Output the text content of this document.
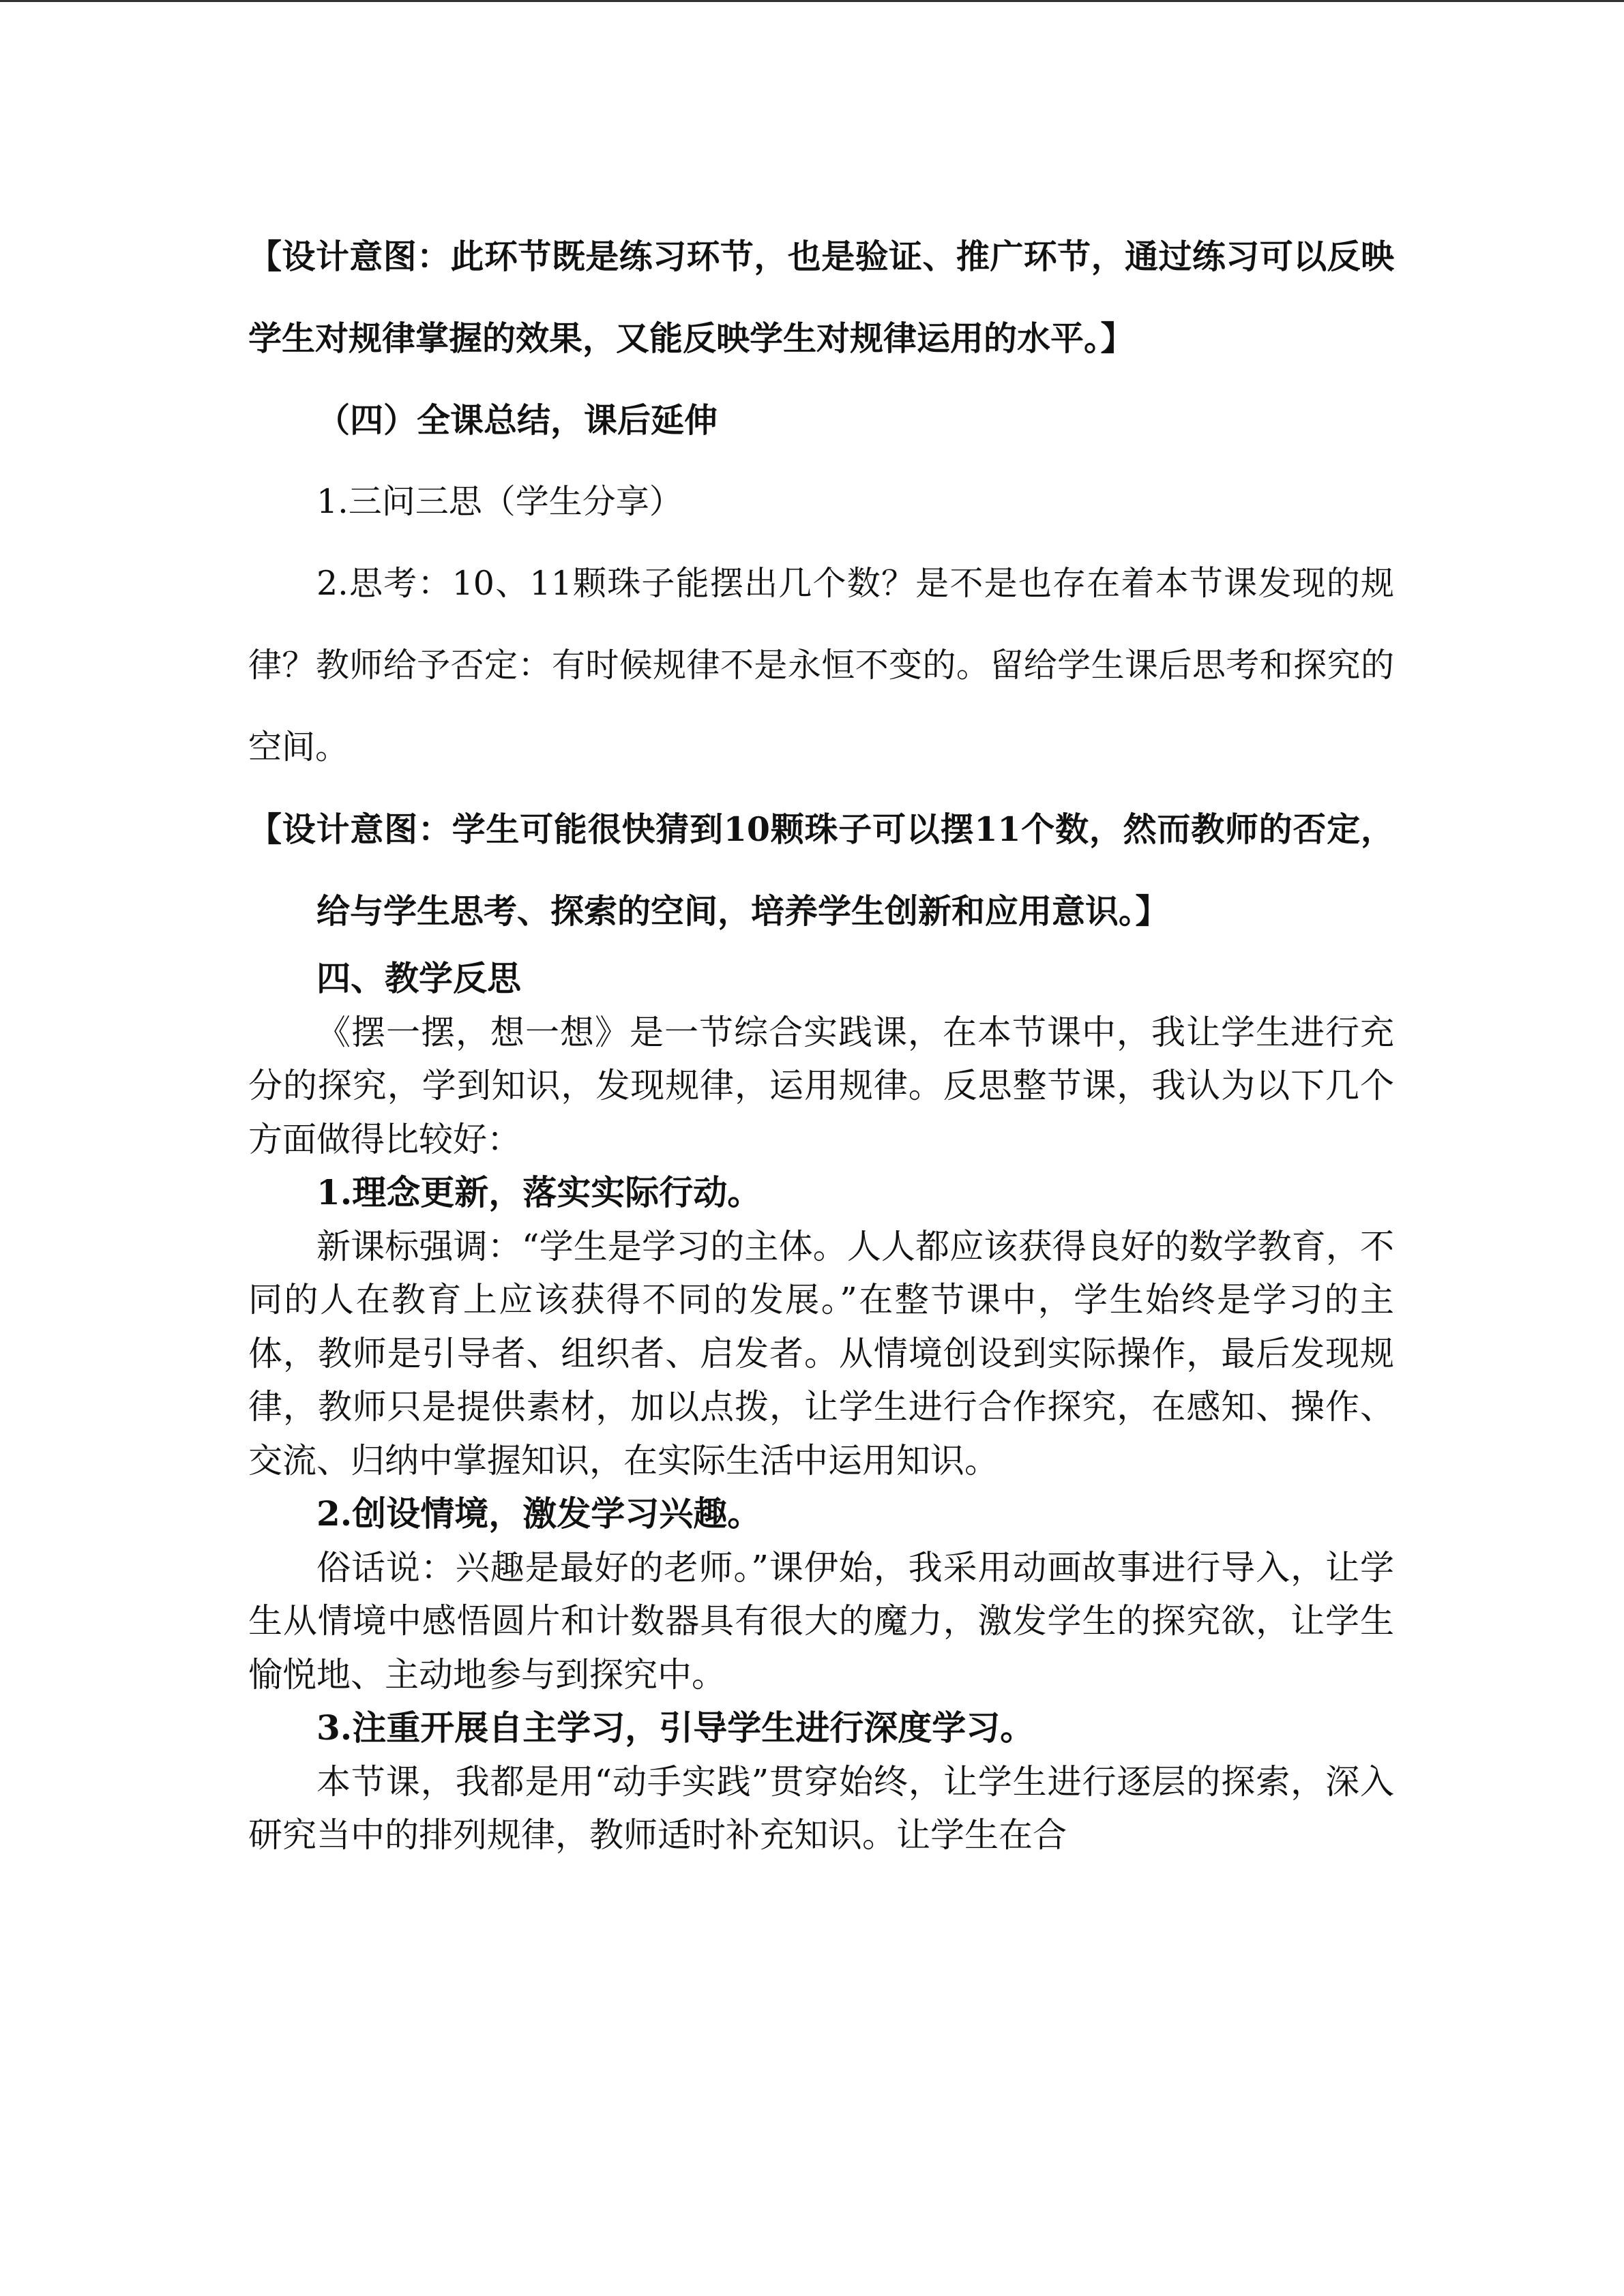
【设计意图：此环节既是练习环节，也是验证、推广环节，通过练习可以反映学生对规律掌握的效果，又能反映学生对规律运用的水平。】

（四）全课总结，课后延伸

1.三问三思（学生分享）

2.思考：10、11颗珠子能摆出几个数？是不是也存在着本节课发现的规律？教师给予否定：有时候规律不是永恒不变的。留给学生课后思考和探究的空间。

【设计意图：学生可能很快猜到10颗珠子可以摆11个数，然而教师的否定，给与学生思考、探索的空间，培养学生创新和应用意识。】

四、教学反思

《摆一摆，想一想》是一节综合实践课，在本节课中，我让学生进行充分的探究，学到知识，发现规律，运用规律。反思整节课，我认为以下几个方面做得比较好：

1.理念更新，落实实际行动。

新课标强调：“学生是学习的主体。人人都应该获得良好的数学教育，不同的人在教育上应该获得不同的发展。”在整节课中，学生始终是学习的主体，教师是引导者、组织者、启发者。从情境创设到实际操作，最后发现规律，教师只是提供素材，加以点拨，让学生进行合作探究，在感知、操作、交流、归纳中掌握知识，在实际生活中运用知识。

2.创设情境，激发学习兴趣。

俗话说：兴趣是最好的老师。”课伊始，我采用动画故事进行导入，让学生从情境中感悟圆片和计数器具有很大的魔力，激发学生的探究欲，让学生愉悦地、主动地参与到探究中。

3.注重开展自主学习，引导学生进行深度学习。

本节课，我都是用“动手实践”贯穿始终，让学生进行逐层的探索，深入研究当中的排列规律，教师适时补充知识。让学生在合
